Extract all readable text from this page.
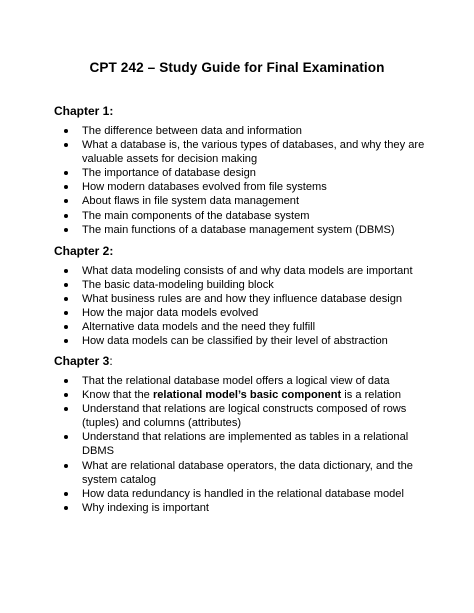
CPT 242 – Study Guide for Final Examination
Chapter 1:
The difference between data and information
What a database is, the various types of databases, and why they are valuable assets for decision making
The importance of database design
How modern databases evolved from file systems
About flaws in file system data management
The main components of the database system
The main functions of a database management system (DBMS)
Chapter 2:
What data modeling consists of and why data models are important
The basic data-modeling building block
What business rules are and how they influence database design
How the major data models evolved
Alternative data models and the need they fulfill
How data models can be classified by their level of abstraction
Chapter 3:
That the relational database model offers a logical view of data
Know that the relational model’s basic component is a relation
Understand that relations are logical constructs composed of rows (tuples) and columns (attributes)
Understand that relations are implemented as tables in a relational DBMS
What are relational database operators, the data dictionary, and the system catalog
How data redundancy is handled in the relational database model
Why indexing is important
